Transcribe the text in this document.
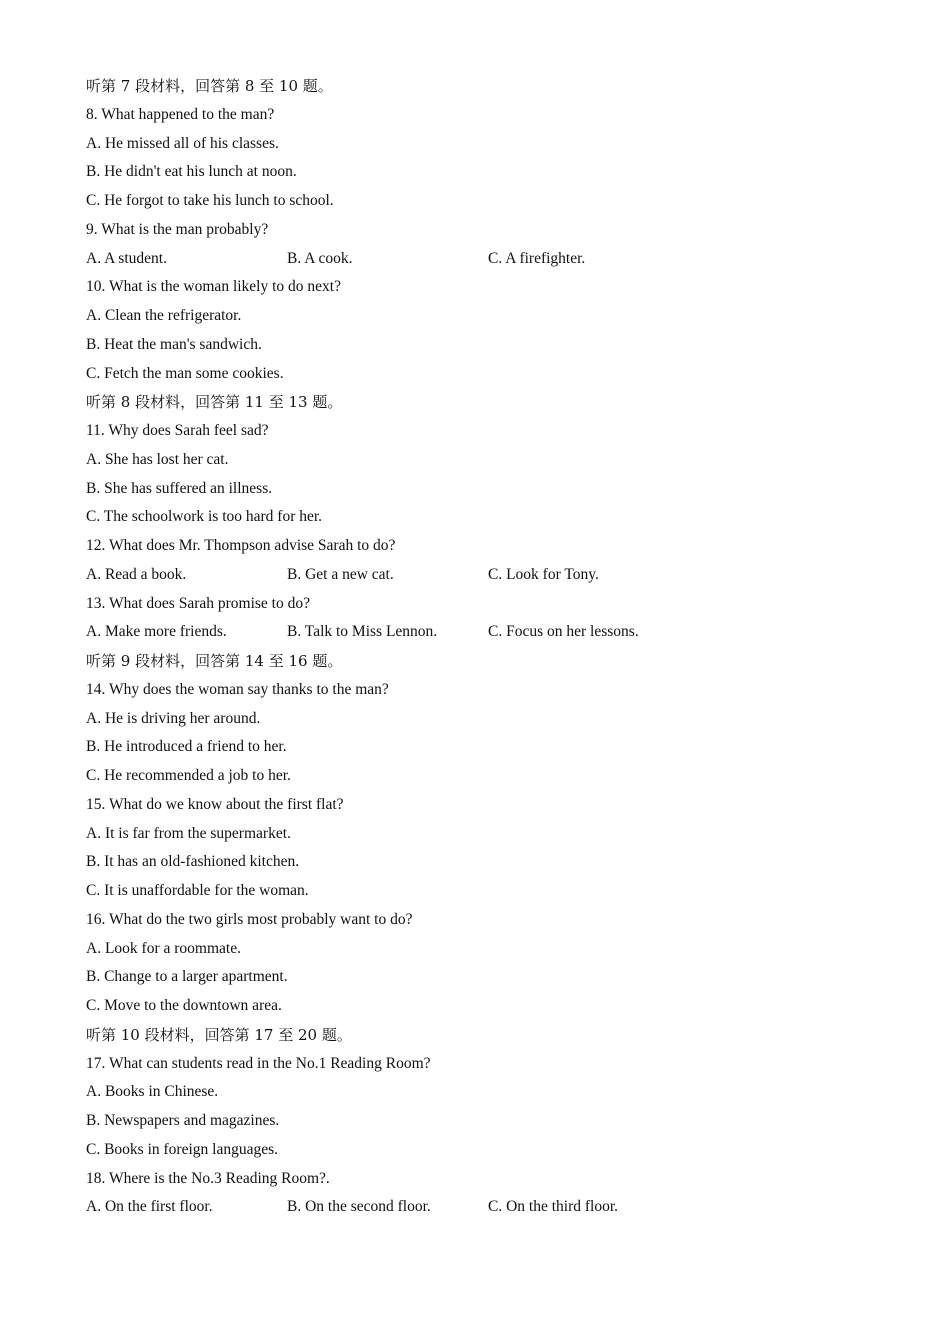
听第 7 段材料，回答第 8 至 10 题。
8. What happened to the man?
A. He missed all of his classes.
B. He didn't eat his lunch at noon.
C. He forgot to take his lunch to school.
9. What is the man probably?
A. A student.	B. A cook.	C. A firefighter.
10. What is the woman likely to do next?
A. Clean the refrigerator.
B. Heat the man's sandwich.
C. Fetch the man some cookies.
听第 8 段材料，回答第 11 至 13 题。
11. Why does Sarah feel sad?
A. She has lost her cat.
B. She has suffered an illness.
C. The schoolwork is too hard for her.
12. What does Mr. Thompson advise Sarah to do?
A. Read a book.	B. Get a new cat.	C. Look for Tony.
13. What does Sarah promise to do?
A. Make more friends.	B. Talk to Miss Lennon.	C. Focus on her lessons.
听第 9 段材料，回答第 14 至 16 题。
14. Why does the woman say thanks to the man?
A. He is driving her around.
B. He introduced a friend to her.
C. He recommended a job to her.
15. What do we know about the first flat?
A. It is far from the supermarket.
B. It has an old-fashioned kitchen.
C. It is unaffordable for the woman.
16. What do the two girls most probably want to do?
A. Look for a roommate.
B. Change to a larger apartment.
C. Move to the downtown area.
听第 10 段材料，回答第 17 至 20 题。
17. What can students read in the No.1 Reading Room?
A. Books in Chinese.
B. Newspapers and magazines.
C. Books in foreign languages.
18. Where is the No.3 Reading Room?.
A. On the first floor.	B. On the second floor.	C. On the third floor.
